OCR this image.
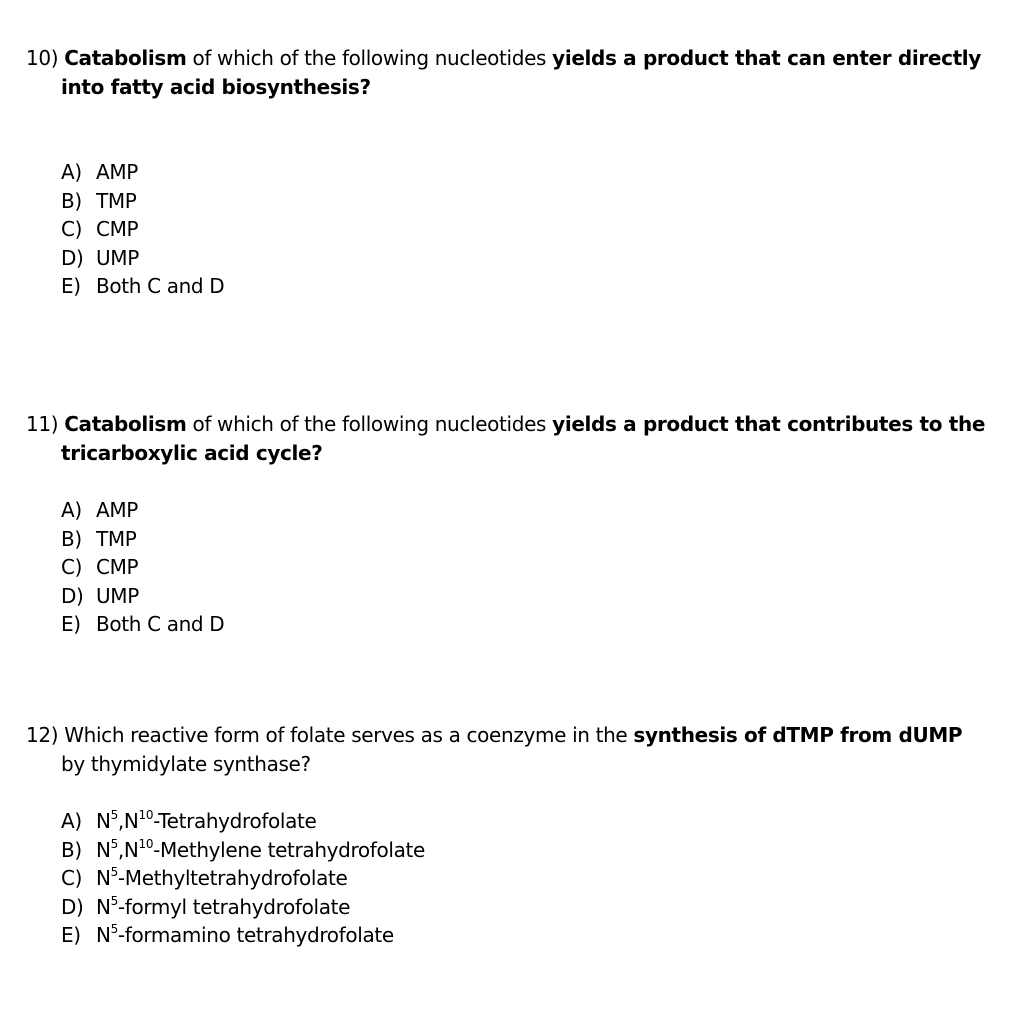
10) Catabolism of which of the following nucleotides yields a product that can enter directly into fatty acid biosynthesis?

A) AMP
B) TMP
C) CMP
D) UMP
E) Both C and D

11) Catabolism of which of the following nucleotides yields a product that contributes to the tricarboxylic acid cycle?

A) AMP
B) TMP
C) CMP
D) UMP
E) Both C and D

12) Which reactive form of folate serves as a coenzyme in the synthesis of dTMP from dUMP by thymidylate synthase?

A) $N^5,N^{10}$-Tetrahydrofolate
B) $N^5,N^{10}$-Methylene tetrahydrofolate
C) $N^5$-Methyltetrahydrofolate
D) $N^5$-formyl tetrahydrofolate
E) $N^5$-formamino tetrahydrofolate
